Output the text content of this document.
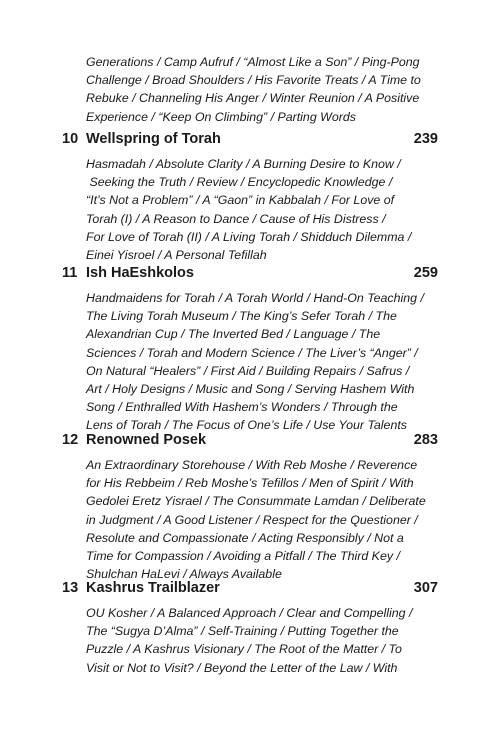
Generations / Camp Aufruf / “Almost Like a Son” / Ping-Pong
Challenge / Broad Shoulders / His Favorite Treats / A Time to
Rebuke / Channeling His Anger / Winter Reunion / A Positive
Experience / “Keep On Climbing” / Parting Words

10 Wellspring of Torah	239

Hasmadah / Absolute Clarity / A Burning Desire to Know /
Seeking the Truth / Review / Encyclopedic Knowledge /
“It’s Not a Problem” / A “Gaon” in Kabbalah / For Love of
Torah (I) / A Reason to Dance / Cause of His Distress /
For Love of Torah (II) / A Living Torah / Shidduch Dilemma /
Einei Yisroel / A Personal Tefillah

11 Ish HaEshkolos	259

Handmaidens for Torah / A Torah World / Hand-On Teaching /
The Living Torah Museum / The King’s Sefer Torah / The
Alexandrian Cup / The Inverted Bed / Language / The
Sciences / Torah and Modern Science / The Liver’s “Anger” /
On Natural “Healers” / First Aid / Building Repairs / Safrus /
Art / Holy Designs / Music and Song / Serving Hashem With
Song / Enthralled With Hashem’s Wonders / Through the
Lens of Torah / The Focus of One’s Life / Use Your Talents

12 Renowned Posek	283

An Extraordinary Storehouse / With Reb Moshe / Reverence
for His Rebbeim / Reb Moshe’s Tefillos / Men of Spirit / With
Gedolei Eretz Yisrael / The Consummate Lamdan / Deliberate
in Judgment / A Good Listener / Respect for the Questioner /
Resolute and Compassionate / Acting Responsibly / Not a
Time for Compassion / Avoiding a Pitfall / The Third Key /
Shulchan HaLevi / Always Available

13 Kashrus Trailblazer	307

OU Kosher / A Balanced Approach / Clear and Compelling /
The “Sugya D’Alma” / Self-Training / Putting Together the
Puzzle / A Kashrus Visionary / The Root of the Matter / To
Visit or Not to Visit? / Beyond the Letter of the Law / With
